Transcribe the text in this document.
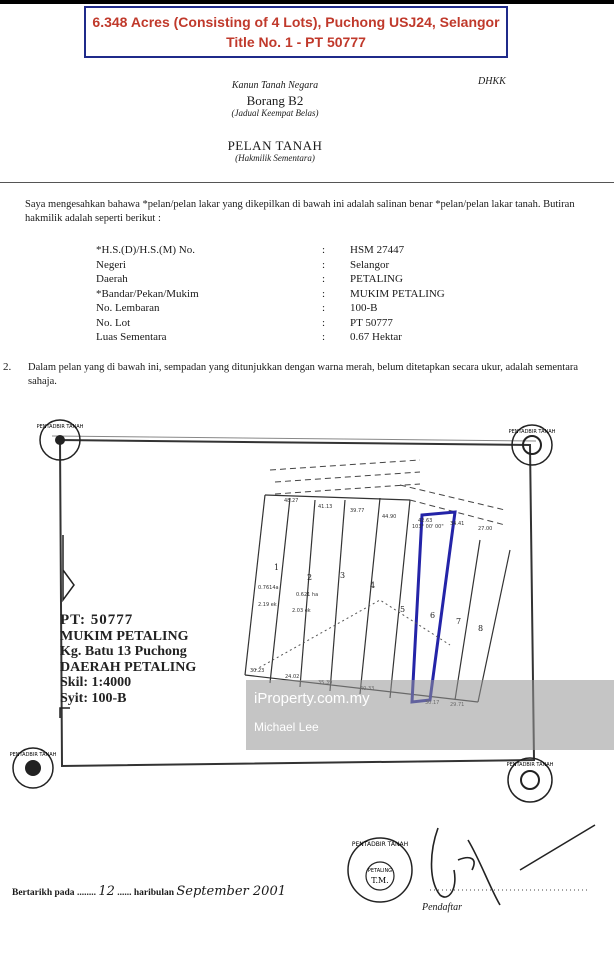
6.348 Acres (Consisting of 4 Lots), Puchong USJ24, Selangor
Title No. 1 - PT 50777
Kanun Tanah Negara
Borang B2
(Jadual Keempat Belas)
DHKK
PELAN TANAH
(Hakmilik Sementara)
Saya mengesahkan bahawa *pelan/pelan lakar yang dikepilkan di bawah ini adalah salinan benar *pelan/pelan lakar tanah. Butiran hakmilik adalah seperti berikut :
*H.S.(D)/H.S.(M) No.	:	HSM 27447
Negeri	:	Selangor
Daerah	:	PETALING
*Bandar/Pekan/Mukim	:	MUKIM PETALING
No. Lembaran	:	100-B
No. Lot	:	PT 50777
Luas Sementara	:	0.67 Hektar
2. Dalam pelan yang di bawah ini, sempadan yang ditunjukkan dengan warna merah, belum ditetapkan secara ukur, adalah sementara sahaja.
PENTADBIR TANAH
PENTADBIR TANAH
PENTADBIR TANAH
PENTADBIR TANAH
1
2	3
4
5
6
7
8
48.27
41.13
39.77
44.90
42.63	34.41
27.00
30.23
24.02
0.7614a
0.621 ha
2.19 ek
2.03 ek
103° 00' 00"
PT: 50777
MUKIM PETALING
Kg. Batu 13 Puchong
DAERAH PETALING
Skil: 1:4000
Syit: 100-B	iProperty.com.my
Michael Lee
Bertarikh pada ........ 12 ...... haribulan September 2001
PENTADBIR TANAH
PETALING
T.M.
Pendaftar
